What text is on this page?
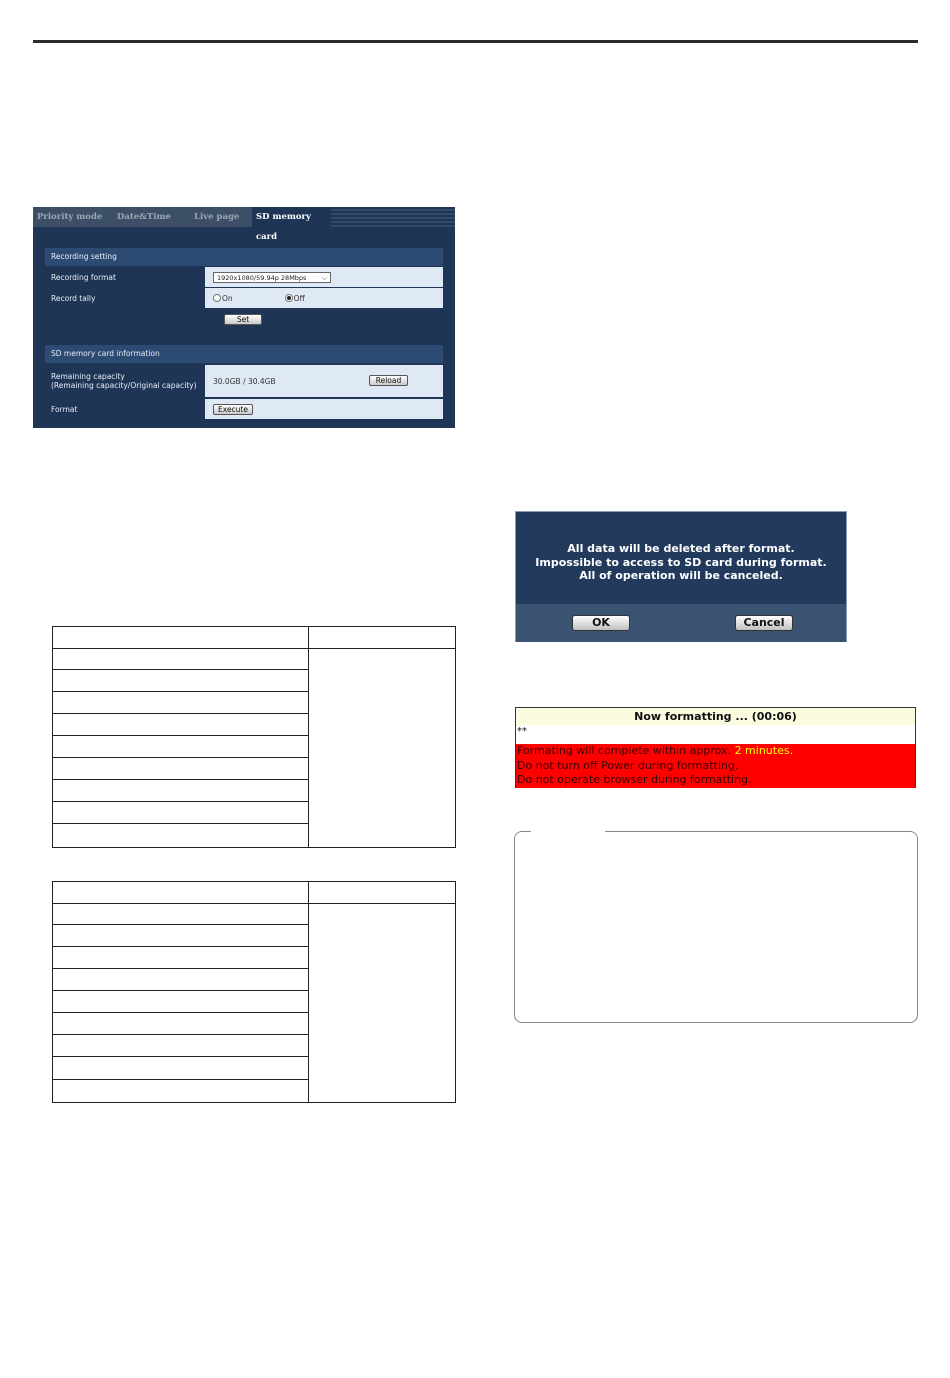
Priority mode	Date&Time	Live page	SD memory card
Recording setting
Recording format	1920x1080/59.94p 28Mbps ⌵
Record tally	On	Off
Set
SD memory card information
Remaining capacity
(Remaining capacity/Original capacity) 30.0GB / 30.4GB	Reload
Format	Execute
All data will be deleted after format.
Impossible to access to SD card during format.
All of operation will be canceled.
OK	Cancel
Now formatting ... (00:06)
**
Formating will complete within approx. 2 minutes.
Do not turn off Power during formatting.
Do not operate browser during formatting.
